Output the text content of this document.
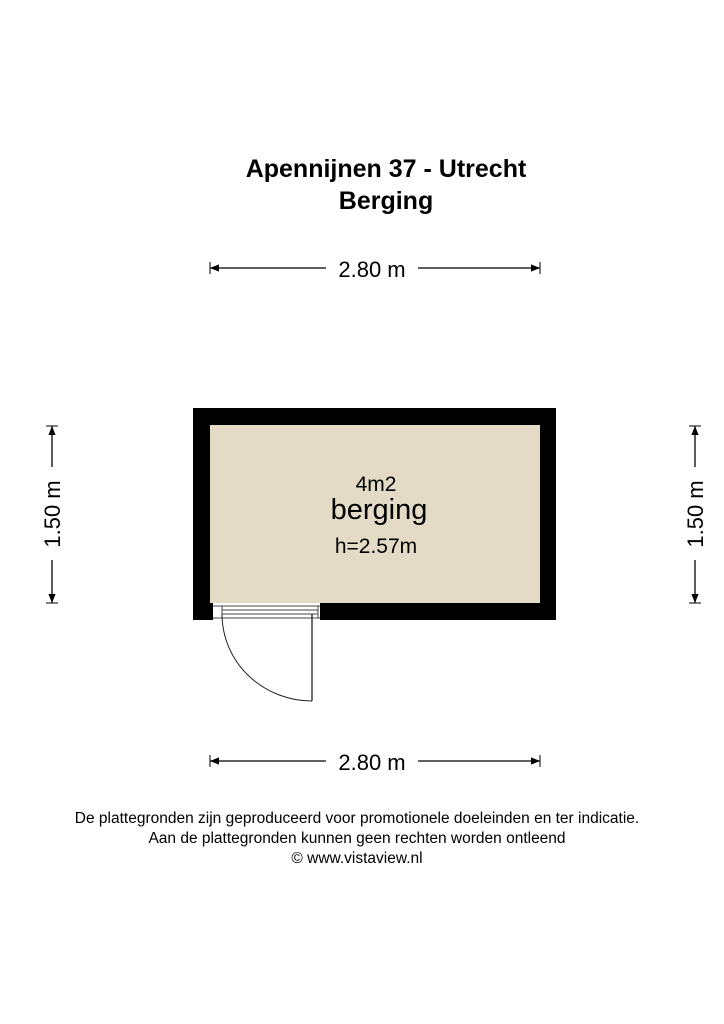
Apennijnen 37 - Utrecht
Berging
2.80 m
2.80 m
1.50 m	1.50 m
4m2
berging
h=2.57m
De plattegronden zijn geproduceerd voor promotionele doeleinden en ter indicatie.
Aan de plattegronden kunnen geen rechten worden ontleend
© www.vistaview.nl
